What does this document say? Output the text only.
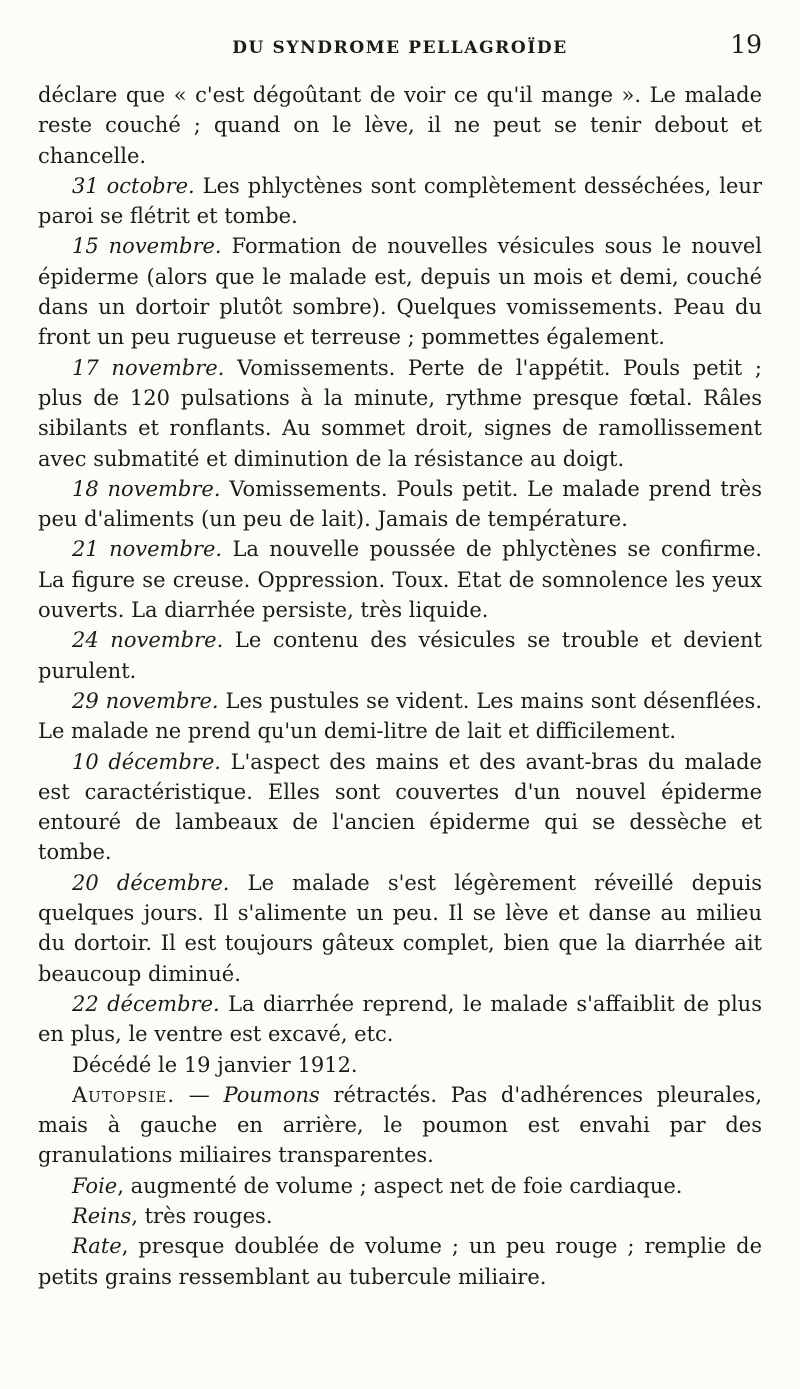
DU SYNDROME PELLAGROÏDE	19

déclare que « c'est dégoûtant de voir ce qu'il mange ». Le malade reste couché ; quand on le lève, il ne peut se tenir debout et chancelle.

31 octobre. Les phlyctènes sont complètement desséchées, leur paroi se flétrit et tombe.

15 novembre. Formation de nouvelles vésicules sous le nouvel épiderme (alors que le malade est, depuis un mois et demi, couché dans un dortoir plutôt sombre). Quelques vomissements. Peau du front un peu rugueuse et terreuse ; pommettes également.

17 novembre. Vomissements. Perte de l'appétit. Pouls petit ; plus de 120 pulsations à la minute, rythme presque fœtal. Râles sibilants et ronflants. Au sommet droit, signes de ramollissement avec submatité et diminution de la résistance au doigt.

18 novembre. Vomissements. Pouls petit. Le malade prend très peu d'aliments (un peu de lait). Jamais de température.

21 novembre. La nouvelle poussée de phlyctènes se confirme. La figure se creuse. Oppression. Toux. Etat de somnolence les yeux ouverts. La diarrhée persiste, très liquide.

24 novembre. Le contenu des vésicules se trouble et devient purulent.

29 novembre. Les pustules se vident. Les mains sont désenflées. Le malade ne prend qu'un demi-litre de lait et difficilement.

10 décembre. L'aspect des mains et des avant-bras du malade est caractéristique. Elles sont couvertes d'un nouvel épiderme entouré de lambeaux de l'ancien épiderme qui se dessèche et tombe.

20 décembre. Le malade s'est légèrement réveillé depuis quelques jours. Il s'alimente un peu. Il se lève et danse au milieu du dortoir. Il est toujours gâteux complet, bien que la diarrhée ait beaucoup diminué.

22 décembre. La diarrhée reprend, le malade s'affaiblit de plus en plus, le ventre est excavé, etc.

Décédé le 19 janvier 1912.

Autopsie. — Poumons rétractés. Pas d'adhérences pleurales, mais à gauche en arrière, le poumon est envahi par des granulations miliaires transparentes.

Foie, augmenté de volume ; aspect net de foie cardiaque.

Reins, très rouges.

Rate, presque doublée de volume ; un peu rouge ; remplie de petits grains ressemblant au tubercule miliaire.
